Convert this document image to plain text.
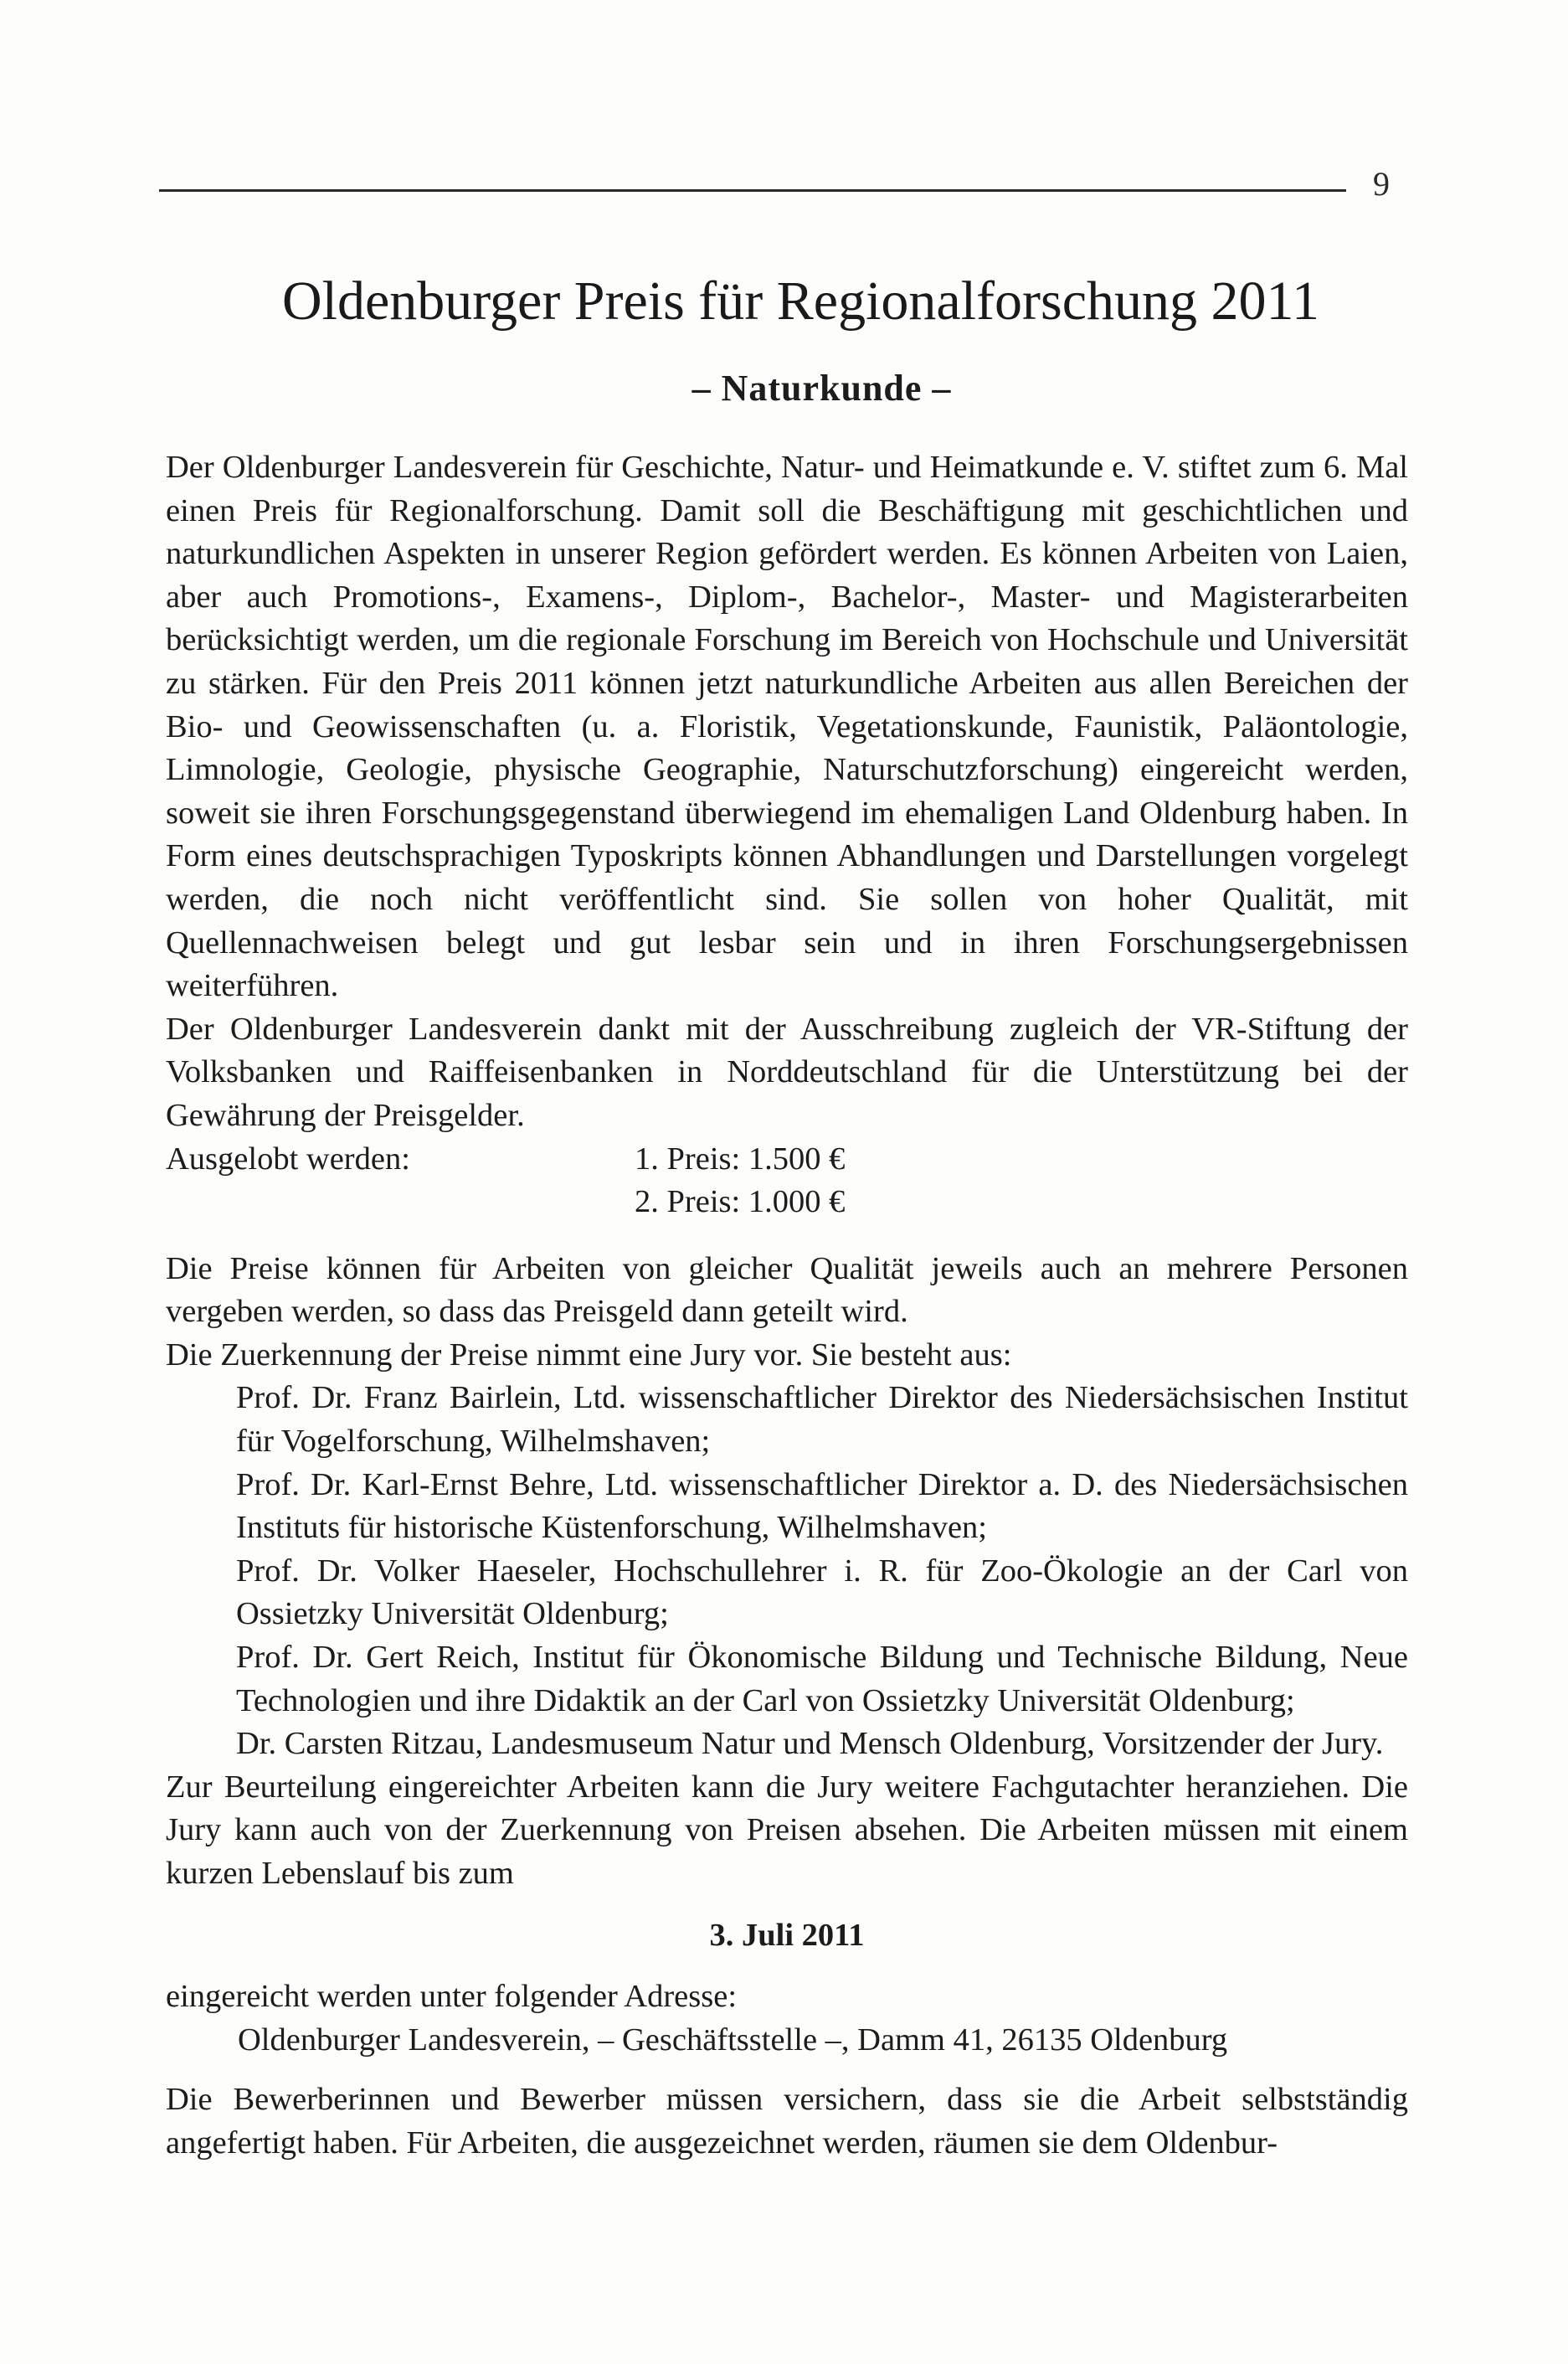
9
Oldenburger Preis für Regionalforschung 2011
– Naturkunde –

Der Oldenburger Landesverein für Geschichte, Natur- und Heimatkunde e. V. stiftet zum 6. Mal einen Preis für Regionalforschung. Damit soll die Beschäftigung mit geschichtlichen und naturkundlichen Aspekten in unserer Region gefördert werden. Es können Arbeiten von Laien, aber auch Promotions-, Examens-, Diplom-, Bachelor-, Master- und Magisterarbeiten berücksichtigt werden, um die regionale Forschung im Bereich von Hochschule und Universität zu stärken. Für den Preis 2011 können jetzt naturkundliche Arbeiten aus allen Bereichen der Bio- und Geowissenschaften (u. a. Floristik, Vegetationskunde, Faunistik, Paläontologie, Limnologie, Geologie, physische Geographie, Naturschutzforschung) eingereicht werden, soweit sie ihren Forschungsgegenstand überwiegend im ehemaligen Land Oldenburg haben. In Form eines deutschsprachigen Typoskripts können Abhandlungen und Darstellungen vorgelegt werden, die noch nicht veröffentlicht sind. Sie sollen von hoher Qualität, mit Quellennachweisen belegt und gut lesbar sein und in ihren Forschungsergebnissen weiterführen.

Der Oldenburger Landesverein dankt mit der Ausschreibung zugleich der VR-Stiftung der Volksbanken und Raiffeisenbanken in Norddeutschland für die Unterstützung bei der Gewährung der Preisgelder.

Ausgelobt werden:	1. Preis: 1.500 €
2. Preis: 1.000 €

Die Preise können für Arbeiten von gleicher Qualität jeweils auch an mehrere Personen vergeben werden, so dass das Preisgeld dann geteilt wird.

Die Zuerkennung der Preise nimmt eine Jury vor. Sie besteht aus:

Prof. Dr. Franz Bairlein, Ltd. wissenschaftlicher Direktor des Niedersächsischen Institut für Vogelforschung, Wilhelmshaven;

Prof. Dr. Karl-Ernst Behre, Ltd. wissenschaftlicher Direktor a. D. des Niedersächsischen Instituts für historische Küstenforschung, Wilhelmshaven;

Prof. Dr. Volker Haeseler, Hochschullehrer i. R. für Zoo-Ökologie an der Carl von Ossietzky Universität Oldenburg;

Prof. Dr. Gert Reich, Institut für Ökonomische Bildung und Technische Bildung, Neue Technologien und ihre Didaktik an der Carl von Ossietzky Universität Oldenburg;

Dr. Carsten Ritzau, Landesmuseum Natur und Mensch Oldenburg, Vorsitzender der Jury.

Zur Beurteilung eingereichter Arbeiten kann die Jury weitere Fachgutachter heranziehen. Die Jury kann auch von der Zuerkennung von Preisen absehen. Die Arbeiten müssen mit einem kurzen Lebenslauf bis zum

3. Juli 2011

eingereicht werden unter folgender Adresse:

Oldenburger Landesverein, – Geschäftsstelle –, Damm 41, 26135 Oldenburg

Die Bewerberinnen und Bewerber müssen versichern, dass sie die Arbeit selbstständig angefertigt haben. Für Arbeiten, die ausgezeichnet werden, räumen sie dem Oldenbur-
